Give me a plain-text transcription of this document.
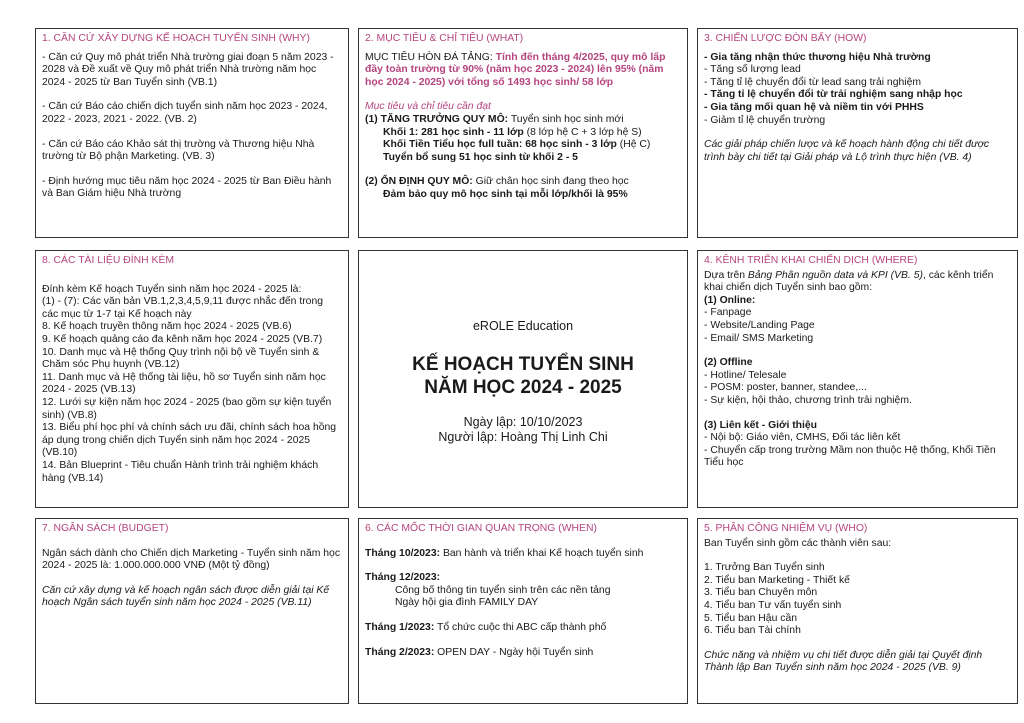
1. CĂN CỨ XÂY DỰNG KẾ HOẠCH TUYỂN SINH (WHY)

- Căn cứ Quy mô phát triển Nhà trường giai đoạn 5 năm 2023 - 2028 và Đề xuất về Quy mô phát triển Nhà trường năm học 2024 - 2025 từ Ban Tuyển sinh (VB.1)

- Căn cứ Báo cáo chiến dịch tuyển sinh năm học 2023 - 2024, 2022 - 2023, 2021 - 2022. (VB. 2)

- Căn cứ Báo cáo Khảo sát thị trường và Thương hiệu Nhà trường từ Bộ phận Marketing. (VB. 3)

- Định hướng mục tiêu năm học 2024 - 2025 từ Ban Điều hành và Ban Giám hiệu Nhà trường

2. MỤC TIÊU & CHỈ TIÊU (WHAT)

MỤC TIÊU HÒN ĐÁ TẢNG: Tính đến tháng 4/2025, quy mô lấp đầy toàn trường từ 90% (năm học 2023 - 2024) lên 95% (năm học 2024 - 2025) với tổng số 1493 học sinh/ 58 lớp

Mục tiêu và chỉ tiêu cần đạt

(1) TĂNG TRƯỞNG QUY MÔ: Tuyển sinh học sinh mới

Khối 1: 281 học sinh - 11 lớp (8 lớp hệ C + 3 lớp hệ S)

Khối Tiền Tiểu học full tuần: 68 học sinh - 3 lớp (Hệ C)

Tuyển bổ sung 51 học sinh từ khối 2 - 5

(2) ỔN ĐỊNH QUY MÔ: Giữ chân học sinh đang theo học

Đảm bảo quy mô học sinh tại mỗi lớp/khối là 95%

3. CHIẾN LƯỢC ĐÒN BẨY (HOW)

- Gia tăng nhận thức thương hiệu Nhà trường

- Tăng số lượng lead

- Tăng tỉ lệ chuyển đổi từ lead sang trải nghiệm

- Tăng tỉ lệ chuyển đổi từ trải nghiệm sang nhập học

- Gia tăng mối quan hệ và niềm tin với PHHS

- Giảm tỉ lệ chuyển trường

Các giải pháp chiến lược và kế hoạch hành động chi tiết được trình bày chi tiết tại Giải pháp và Lộ trình thực hiện (VB. 4)

8. CÁC TÀI LIỆU ĐÍNH KÈM

Đính kèm Kế hoạch Tuyển sinh năm học 2024 - 2025 là:

(1) - (7): Các văn bản VB.1,2,3,4,5,9,11 được nhắc đến trong các mục từ 1-7 tại Kế hoạch này

8. Kế hoạch truyền thông năm học 2024 - 2025 (VB.6)

9. Kế hoạch quảng cáo đa kênh năm học 2024 - 2025 (VB.7)

10. Danh mục và Hệ thống Quy trình nội bộ về Tuyển sinh & Chăm sóc Phụ huynh (VB.12)

11. Danh mục và Hệ thống tài liệu, hồ sơ Tuyển sinh năm học 2024 - 2025 (VB.13)

12. Lưới sự kiện năm học 2024 - 2025 (bao gồm sự kiện tuyển sinh) (VB.8)

13. Biểu phí học phí và chính sách ưu đãi, chính sách hoa hồng áp dụng trong chiến dịch Tuyển sinh năm học 2024 - 2025 (VB.10)

14. Bản Blueprint - Tiêu chuẩn Hành trình trải nghiệm khách hàng (VB.14)

eROLE Education
KẾ HOẠCH TUYỂN SINH
NĂM HỌC 2024 - 2025

Ngày lập: 10/10/2023

Người lập: Hoàng Thị Linh Chi

4. KÊNH TRIỂN KHAI CHIẾN DỊCH (WHERE)

Dựa trên Bảng Phân nguồn data và KPI (VB. 5), các kênh triển khai chiến dịch Tuyển sinh bao gồm:

(1) Online:

- Fanpage

- Website/Landing Page

- Email/ SMS Marketing

(2) Offline

- Hotline/ Telesale

- POSM: poster, banner, standee,...

- Sự kiện, hội thảo, chương trình trải nghiệm.

(3) Liên kết - Giới thiệu

- Nội bộ: Giáo viên, CMHS, Đối tác liên kết

- Chuyển cấp trong trường Mầm non thuộc Hệ thống, Khối Tiền Tiểu học

7. NGÂN SÁCH (BUDGET)

Ngân sách dành cho Chiến dịch Marketing - Tuyển sinh năm học 2024 - 2025 là: 1.000.000.000 VNĐ (Một tỷ đồng)

Căn cứ xây dựng và kế hoạch ngân sách được diễn giải tại Kế hoạch Ngân sách tuyển sinh năm học 2024 - 2025 (VB.11)

6. CÁC MỐC THỜI GIAN QUAN TRỌNG (WHEN)

Tháng 10/2023: Ban hành và triển khai Kế hoạch tuyển sinh

Tháng 12/2023:

Công bố thông tin tuyển sinh trên các nền tảng

Ngày hội gia đình FAMILY DAY

Tháng 1/2023: Tổ chức cuộc thi ABC cấp thành phố

Tháng 2/2023: OPEN DAY - Ngày hội Tuyển sinh

5. PHÂN CÔNG NHIỆM VỤ (WHO)

Ban Tuyển sinh gồm các thành viên sau:

1. Trưởng Ban Tuyển sinh

2. Tiểu ban Marketing - Thiết kế

3. Tiểu ban Chuyên môn

4. Tiểu ban Tư vấn tuyển sinh

5. Tiểu ban Hậu cần

6. Tiểu ban Tài chính

Chức năng và nhiệm vụ chi tiết được diễn giải tại Quyết định Thành lập Ban Tuyển sinh năm học 2024 - 2025 (VB. 9)
